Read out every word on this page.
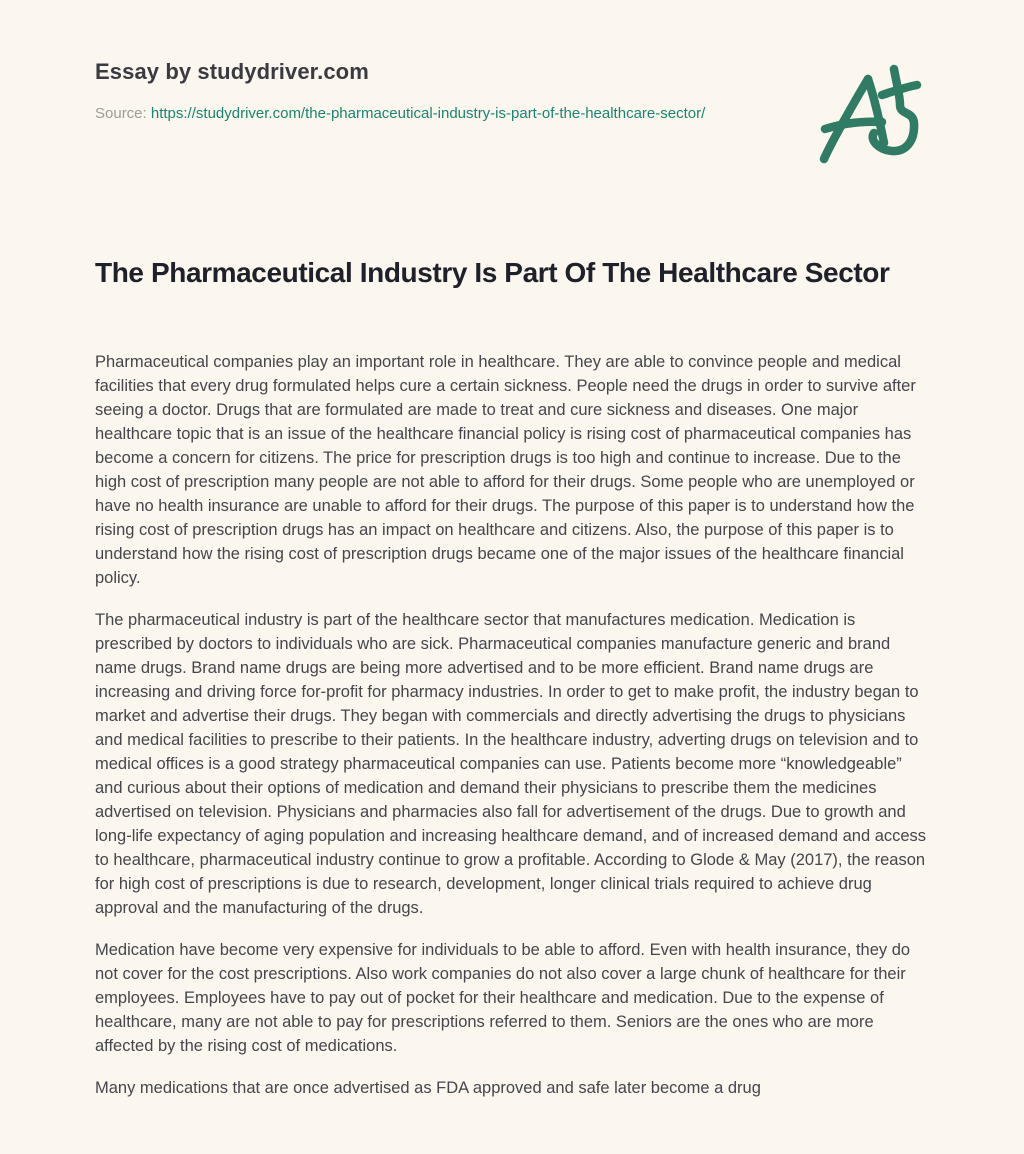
Essay by studydriver.com

Source: https://studydriver.com/the-pharmaceutical-industry-is-part-of-the-healthcare-sector/

The Pharmaceutical Industry Is Part Of The Healthcare Sector

Pharmaceutical companies play an important role in healthcare. They are able to convince people and medical facilities that every drug formulated helps cure a certain sickness. People need the drugs in order to survive after seeing a doctor. Drugs that are formulated are made to treat and cure sickness and diseases. One major healthcare topic that is an issue of the healthcare financial policy is rising cost of pharmaceutical companies has become a concern for citizens. The price for prescription drugs is too high and continue to increase. Due to the high cost of prescription many people are not able to afford for their drugs. Some people who are unemployed or have no health insurance are unable to afford for their drugs. The purpose of this paper is to understand how the rising cost of prescription drugs has an impact on healthcare and citizens. Also, the purpose of this paper is to understand how the rising cost of prescription drugs became one of the major issues of the healthcare financial policy.

The pharmaceutical industry is part of the healthcare sector that manufactures medication. Medication is prescribed by doctors to individuals who are sick. Pharmaceutical companies manufacture generic and brand name drugs. Brand name drugs are being more advertised and to be more efficient. Brand name drugs are increasing and driving force for-profit for pharmacy industries. In order to get to make profit, the industry began to market and advertise their drugs. They began with commercials and directly advertising the drugs to physicians and medical facilities to prescribe to their patients. In the healthcare industry, adverting drugs on television and to medical offices is a good strategy pharmaceutical companies can use. Patients become more “knowledgeable” and curious about their options of medication and demand their physicians to prescribe them the medicines advertised on television. Physicians and pharmacies also fall for advertisement of the drugs. Due to growth and long-life expectancy of aging population and increasing healthcare demand, and of increased demand and access to healthcare, pharmaceutical industry continue to grow a profitable. According to Glode & May (2017), the reason for high cost of prescriptions is due to research, development, longer clinical trials required to achieve drug approval and the manufacturing of the drugs.

Medication have become very expensive for individuals to be able to afford. Even with health insurance, they do not cover for the cost prescriptions. Also work companies do not also cover a large chunk of healthcare for their employees. Employees have to pay out of pocket for their healthcare and medication. Due to the expense of healthcare, many are not able to pay for prescriptions referred to them. Seniors are the ones who are more affected by the rising cost of medications.

Many medications that are once advertised as FDA approved and safe later become a drug
